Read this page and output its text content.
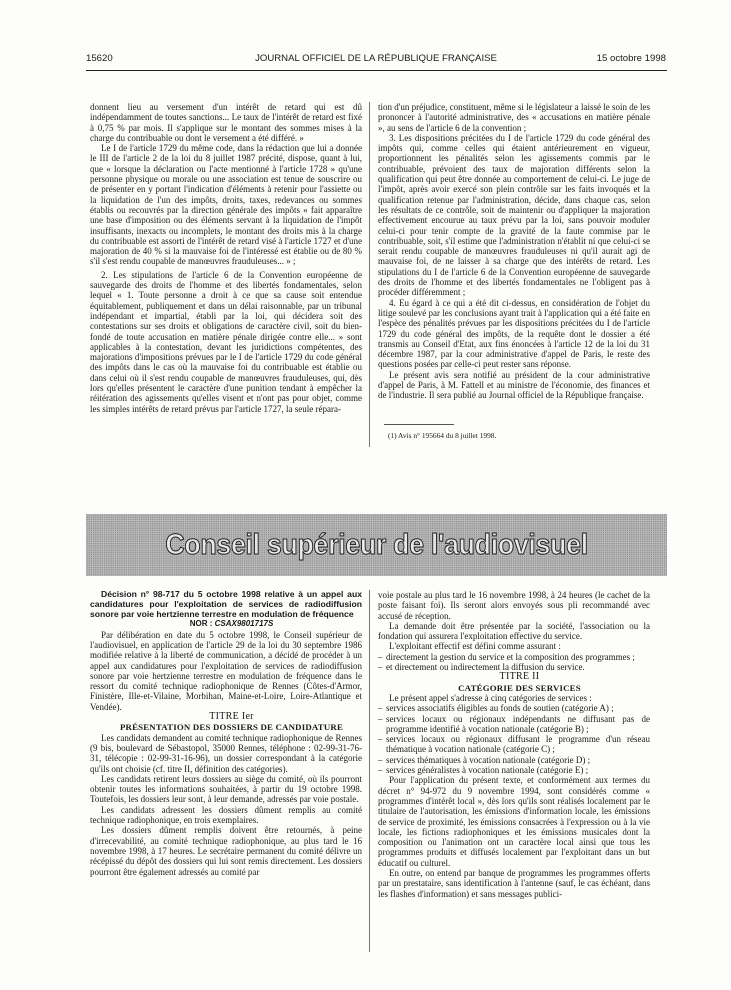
15620	JOURNAL OFFICIEL DE LA RÉPUBLIQUE FRANÇAISE	15 octobre 1998

donnent lieu au versement d'un intérêt de retard qui est dû indépendamment de toutes sanctions... Le taux de l'intérêt de retard est fixé à 0,75 % par mois. Il s'applique sur le montant des sommes mises à la charge du contribuable ou dont le versement a été différé. »

Le I de l'article 1729 du même code, dans la rédaction que lui a donnée le III de l'article 2 de la loi du 8 juillet 1987 précité, dispose, quant à lui, que « lorsque la déclaration ou l'acte mentionné à l'article 1728 » qu'une personne physique ou morale ou une association est tenue de souscrire ou de présenter en y portant l'indication d'éléments à retenir pour l'assiette ou la liquidation de l'un des impôts, droits, taxes, redevances ou sommes établis ou recouvrés par la direction générale des impôts « fait apparaître une base d'imposition ou des éléments servant à la liquidation de l'impôt insuffisants, inexacts ou incomplets, le montant des droits mis à la charge du contribuable est assorti de l'intérêt de retard visé à l'article 1727 et d'une majoration de 40 % si la mauvaise foi de l'intéressé est établie ou de 80 % s'il s'est rendu coupable de manœuvres frauduleuses... » ;

2. Les stipulations de l'article 6 de la Convention européenne de sauvegarde des droits de l'homme et des libertés fondamentales, selon lequel « 1. Toute personne a droit à ce que sa cause soit entendue équitablement, publiquement et dans un délai raisonnable, par un tribunal indépendant et impartial, établi par la loi, qui décidera soit des contestations sur ses droits et obligations de caractère civil, soit du bien-fondé de toute accusation en matière pénale dirigée contre elle... » sont applicables à la contestation, devant les juridictions compétentes, des majorations d'impositions prévues par le I de l'article 1729 du code général des impôts dans le cas où la mauvaise foi du contribuable est établie ou dans celui où il s'est rendu coupable de manœuvres frauduleuses, qui, dès lors qu'elles présentent le caractère d'une punition tendant à empêcher la réitération des agissements qu'elles visent et n'ont pas pour objet, comme les simples intérêts de retard prévus par l'article 1727, la seule répara-

tion d'un préjudice, constituent, même si le législateur a laissé le soin de les prononcer à l'autorité administrative, des « accusations en matière pénale », au sens de l'article 6 de la convention ;

3. Les dispositions précitées du I de l'article 1729 du code général des impôts qui, comme celles qui étaient antérieurement en vigueur, proportionnent les pénalités selon les agissements commis par le contribuable, prévoient des taux de majoration différents selon la qualification qui peut être donnée au comportement de celui-ci. Le juge de l'impôt, après avoir exercé son plein contrôle sur les faits invoqués et la qualification retenue par l'administration, décide, dans chaque cas, selon les résultats de ce contrôle, soit de maintenir ou d'appliquer la majoration effectivement encourue au taux prévu par la loi, sans pouvoir moduler celui-ci pour tenir compte de la gravité de la faute commise par le contribuable, soit, s'il estime que l'administration n'établit ni que celui-ci se serait rendu coupable de manœuvres frauduleuses ni qu'il aurait agi de mauvaise foi, de ne laisser à sa charge que des intérêts de retard. Les stipulations du I de l'article 6 de la Convention européenne de sauvegarde des droits de l'homme et des libertés fondamentales ne l'obligent pas à procéder différemment ;

4. Eu égard à ce qui a été dit ci-dessus, en considération de l'objet du litige soulevé par les conclusions ayant trait à l'application qui a été faite en l'espèce des pénalités prévues par les dispositions précitées du I de l'article 1729 du code général des impôts, de la requête dont le dossier a été transmis au Conseil d'Etat, aux fins énoncées à l'article 12 de la loi du 31 décembre 1987, par la cour administrative d'appel de Paris, le reste des questions posées par celle-ci peut rester sans réponse.

Le présent avis sera notifié au président de la cour administrative d'appel de Paris, à M. Fattell et au ministre de l'économie, des finances et de l'industrie. Il sera publié au Journal officiel de la République française.

(1) Avis n° 195664 du 8 juillet 1998.
Conseil supérieur de l'audiovisuel

Décision n° 98-717 du 5 octobre 1998 relative à un appel aux candidatures pour l'exploitation de services de radiodiffusion sonore par voie hertzienne terrestre en modulation de fréquence

NOR : CSAX9801717S

Par délibération en date du 5 octobre 1998, le Conseil supérieur de l'audiovisuel, en application de l'article 29 de la loi du 30 septembre 1986 modifiée relative à la liberté de communication, a décidé de procéder à un appel aux candidatures pour l'exploitation de services de radiodiffusion sonore par voie hertzienne terrestre en modulation de fréquence dans le ressort du comité technique radiophonique de Rennes (Côtes-d'Armor, Finistère, Ille-et-Vilaine, Morbihan, Maine-et-Loire, Loire-Atlantique et Vendée).

TITRE Ier

PRÉSENTATION DES DOSSIERS DE CANDIDATURE

Les candidats demandent au comité technique radiophonique de Rennes (9 bis, boulevard de Sébastopol, 35000 Rennes, téléphone : 02-99-31-76-31, télécopie : 02-99-31-16-96), un dossier correspondant à la catégorie qu'ils ont choisie (cf. titre II, définition des catégories).

Les candidats retirent leurs dossiers au siège du comité, où ils pourront obtenir toutes les informations souhaitées, à partir du 19 octobre 1998. Toutefois, les dossiers leur sont, à leur demande, adressés par voie postale.

Les candidats adressent les dossiers dûment remplis au comité technique radiophonique, en trois exemplaires.

Les dossiers dûment remplis doivent être retournés, à peine d'irrecevabilité, au comité technique radiophonique, au plus tard le 16 novembre 1998, à 17 heures. Le secrétaire permanent du comité délivre un récépissé du dépôt des dossiers qui lui sont remis directement. Les dossiers pourront être également adressés au comité par

voie postale au plus tard le 16 novembre 1998, à 24 heures (le cachet de la poste faisant foi). Ils seront alors envoyés sous pli recommandé avec accusé de réception.

La demande doit être présentée par la société, l'association ou la fondation qui assurera l'exploitation effective du service.

L'exploitant effectif est défini comme assurant :

– directement la gestion du service et la composition des programmes ;

– et directement ou indirectement la diffusion du service.

TITRE II

CATÉGORIE DES SERVICES

Le présent appel s'adresse à cinq catégories de services :

– services associatifs éligibles au fonds de soutien (catégorie A) ;

– services locaux ou régionaux indépendants ne diffusant pas de programme identifié à vocation nationale (catégorie B) ;

– services locaux ou régionaux diffusant le programme d'un réseau thématique à vocation nationale (catégorie C) ;

– services thématiques à vocation nationale (catégorie D) ;

– services généralistes à vocation nationale (catégorie E) ;

Pour l'application du présent texte, et conformément aux termes du décret n° 94-972 du 9 novembre 1994, sont considérés comme « programmes d'intérêt local », dès lors qu'ils sont réalisés localement par le titulaire de l'autorisation, les émissions d'information locale, les émissions de service de proximité, les émissions consacrées à l'expression ou à la vie locale, les fictions radiophoniques et les émissions musicales dont la composition ou l'animation ont un caractère local ainsi que tous les programmes produits et diffusés localement par l'exploitant dans un but éducatif ou culturel.

En outre, on entend par banque de programmes les programmes offerts par un prestataire, sans identification à l'antenne (sauf, le cas échéant, dans les flashes d'information) et sans messages publici-
